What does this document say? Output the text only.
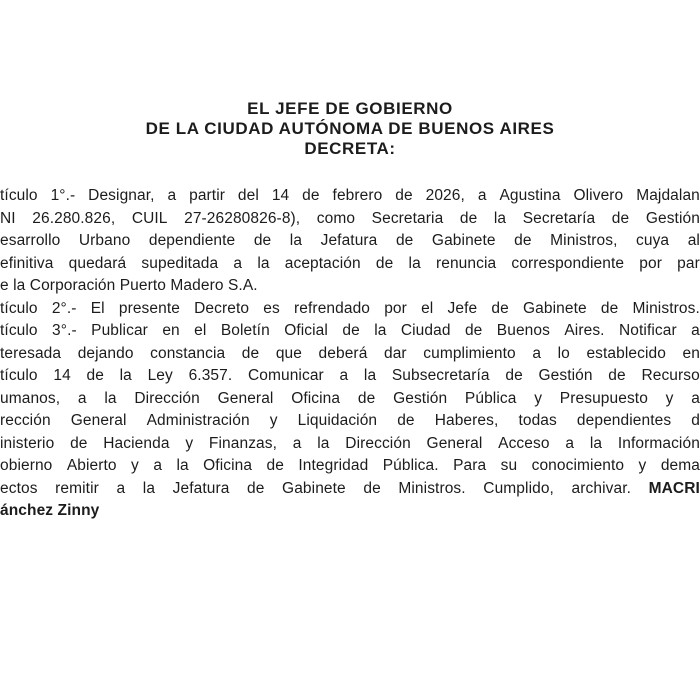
EL JEFE DE GOBIERNO
DE LA CIUDAD AUTÓNOMA DE BUENOS AIRES
DECRETA:
tículo 1°.- Designar, a partir del 14 de febrero de 2026, a Agustina Olivero Majdalan
NI 26.280.826, CUIL 27-26280826-8), como Secretaria de la Secretaría de Gestión
esarrollo Urbano dependiente de la Jefatura de Gabinete de Ministros, cuya al
efinitiva quedará supeditada a la aceptación de la renuncia correspondiente por par
e la Corporación Puerto Madero S.A.
tículo 2°.- El presente Decreto es refrendado por el Jefe de Gabinete de Ministros.
tículo 3°.- Publicar en el Boletín Oficial de la Ciudad de Buenos Aires. Notificar a
teresada dejando constancia de que deberá dar cumplimiento a lo establecido en
tículo 14 de la Ley 6.357. Comunicar a la Subsecretaría de Gestión de Recurso
umanos, a la Dirección General Oficina de Gestión Pública y Presupuesto y a
rección General Administración y Liquidación de Haberes, todas dependientes d
inisterio de Hacienda y Finanzas, a la Dirección General Acceso a la Información
obierno Abierto y a la Oficina de Integridad Pública. Para su conocimiento y dema
ectos remitir a la Jefatura de Gabinete de Ministros. Cumplido, archivar. MACRI
ánchez Zinny
